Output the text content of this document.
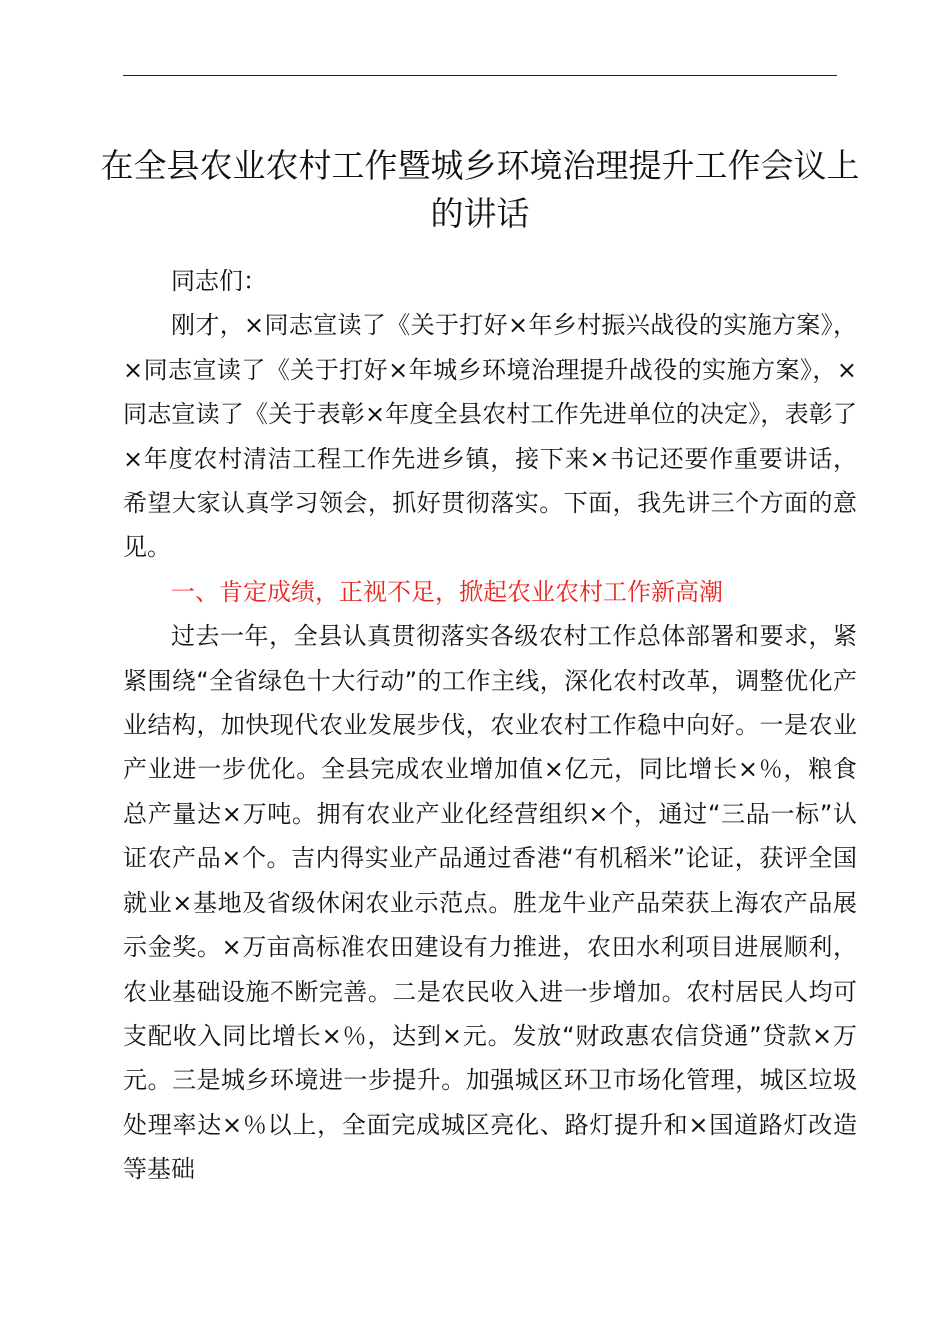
在全县农业农村工作暨城乡环境治理提升工作会议上的讲话

同志们：

刚才，×同志宣读了《关于打好×年乡村振兴战役的实施方案》，×同志宣读了《关于打好×年城乡环境治理提升战役的实施方案》，×同志宣读了《关于表彰×年度全县农村工作先进单位的决定》，表彰了×年度农村清洁工程工作先进乡镇，接下来×书记还要作重要讲话，希望大家认真学习领会，抓好贯彻落实。下面，我先讲三个方面的意见。

一、肯定成绩，正视不足，掀起农业农村工作新高潮

过去一年，全县认真贯彻落实各级农村工作总体部署和要求，紧紧围绕“全省绿色十大行动”的工作主线，深化农村改革，调整优化产业结构，加快现代农业发展步伐，农业农村工作稳中向好。一是农业产业进一步优化。全县完成农业增加值×亿元，同比增长×％，粮食总产量达×万吨。拥有农业产业化经营组织×个，通过“三品一标”认证农产品×个。吉内得实业产品通过香港“有机稻米”论证，获评全国就业×基地及省级休闲农业示范点。胜龙牛业产品荣获上海农产品展示金奖。×万亩高标准农田建设有力推进，农田水利项目进展顺利，农业基础设施不断完善。二是农民收入进一步增加。农村居民人均可支配收入同比增长×％，达到×元。发放“财政惠农信贷通”贷款×万元。三是城乡环境进一步提升。加强城区环卫市场化管理，城区垃圾处理率达×％以上，全面完成城区亮化、路灯提升和×国道路灯改造等基础
